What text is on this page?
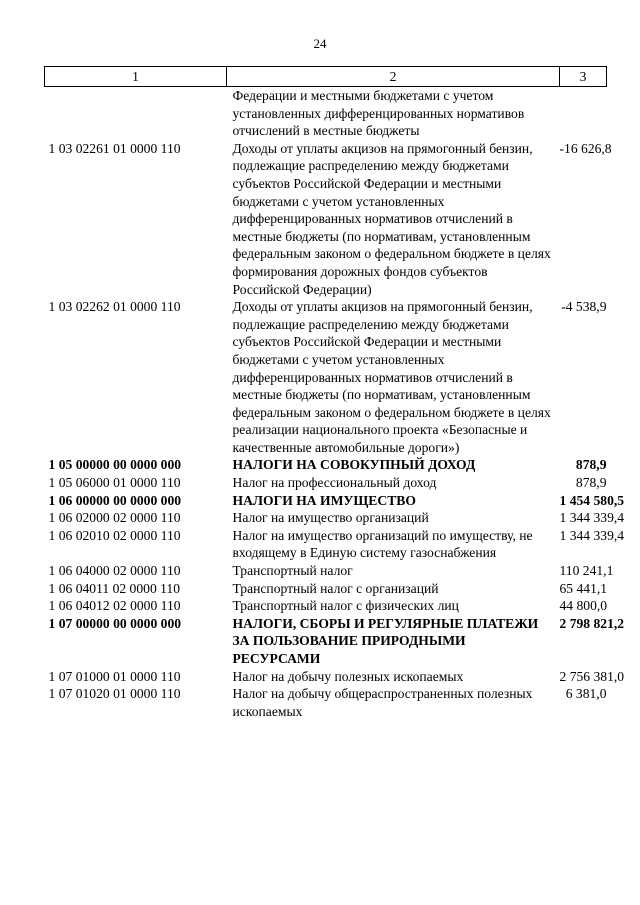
24
1	2	3
	Федерации и местными бюджетами с учетом установленных дифференцированных нормативов отчислений в местные бюджеты	
1 03 02261 01 0000 110	Доходы от уплаты акцизов на прямогонный бензин, подлежащие распределению между бюджетами субъектов Российской Федерации и местными бюджетами с учетом установленных дифференцированных нормативов отчислений в местные бюджеты (по нормативам, установленным федеральным законом о федеральном бюджете в целях формирования дорожных фондов субъектов Российской Федерации)	-16 626,8
1 03 02262 01 0000 110	Доходы от уплаты акцизов на прямогонный бензин, подлежащие распределению между бюджетами субъектов Российской Федерации и местными бюджетами с учетом установленных дифференцированных нормативов отчислений в местные бюджеты (по нормативам, установленным федеральным законом о федеральном бюджете в целях реализации национального проекта «Безопасные и качественные автомобильные дороги»)	-4 538,9
1 05 00000 00 0000 000	НАЛОГИ НА СОВОКУПНЫЙ ДОХОД	878,9
1 05 06000 01 0000 110	Налог на профессиональный доход	878,9
1 06 00000 00 0000 000	НАЛОГИ НА ИМУЩЕСТВО	1 454 580,5
1 06 02000 02 0000 110	Налог на имущество организаций	1 344 339,4
1 06 02010 02 0000 110	Налог на имущество организаций по имуществу, не входящему в Единую систему газоснабжения	1 344 339,4
1 06 04000 02 0000 110	Транспортный налог	110 241,1
1 06 04011 02 0000 110	Транспортный налог с организаций	65 441,1
1 06 04012 02 0000 110	Транспортный налог с физических лиц	44 800,0
1 07 00000 00 0000 000	НАЛОГИ, СБОРЫ И РЕГУЛЯРНЫЕ ПЛАТЕЖИ ЗА ПОЛЬЗОВАНИЕ ПРИРОДНЫМИ РЕСУРСАМИ	2 798 821,2
1 07 01000 01 0000 110	Налог на добычу полезных ископаемых	2 756 381,0
1 07 01020 01 0000 110	Налог на добычу общераспространенных полезных ископаемых	6 381,0
